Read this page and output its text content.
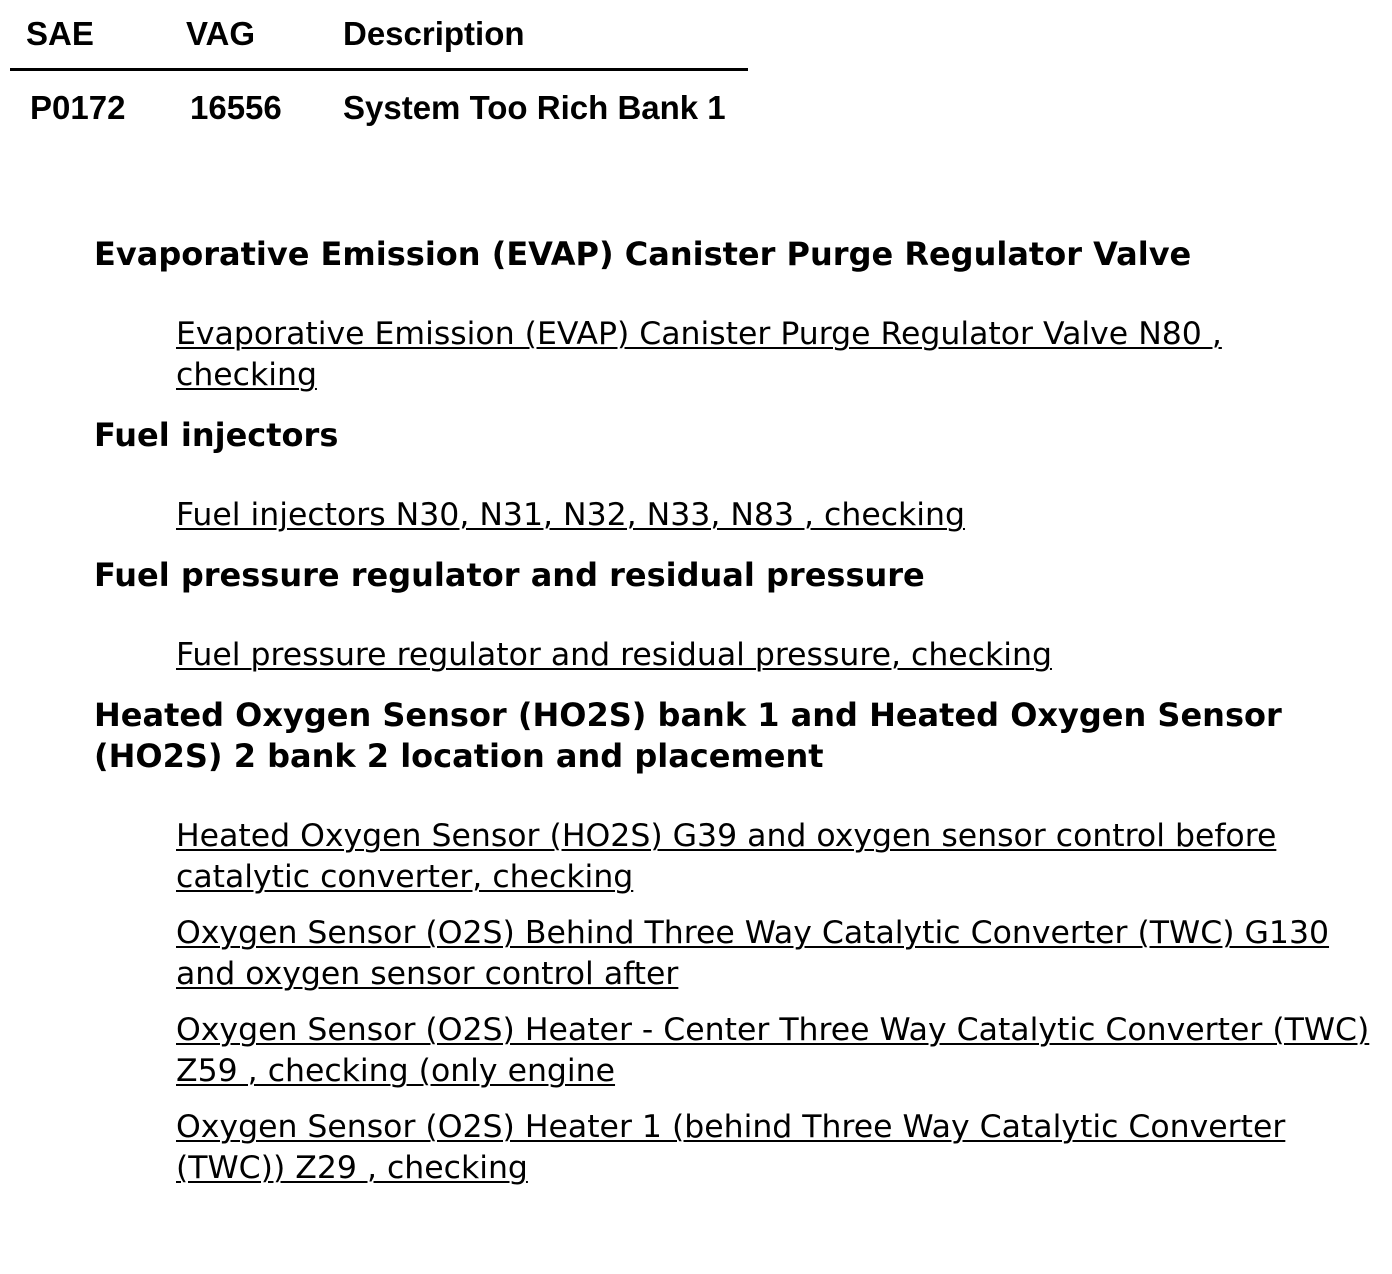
SAE	VAG	Description
P0172 16556 System Too Rich Bank 1
Evaporative Emission (EVAP) Canister Purge Regulator Valve
Evaporative Emission (EVAP) Canister Purge Regulator Valve N80 , checking
Fuel injectors
Fuel injectors N30, N31, N32, N33, N83 , checking
Fuel pressure regulator and residual pressure
Fuel pressure regulator and residual pressure, checking
Heated Oxygen Sensor (HO2S) bank 1 and Heated Oxygen Sensor (HO2S) 2 bank 2 location and placement
Heated Oxygen Sensor (HO2S) G39 and oxygen sensor control before catalytic converter, checking
Oxygen Sensor (O2S) Behind Three Way Catalytic Converter (TWC) G130 and oxygen sensor control after
Oxygen Sensor (O2S) Heater - Center Three Way Catalytic Converter (TWC) Z59 , checking (only engine
Oxygen Sensor (O2S) Heater 1 (behind Three Way Catalytic Converter (TWC)) Z29 , checking
